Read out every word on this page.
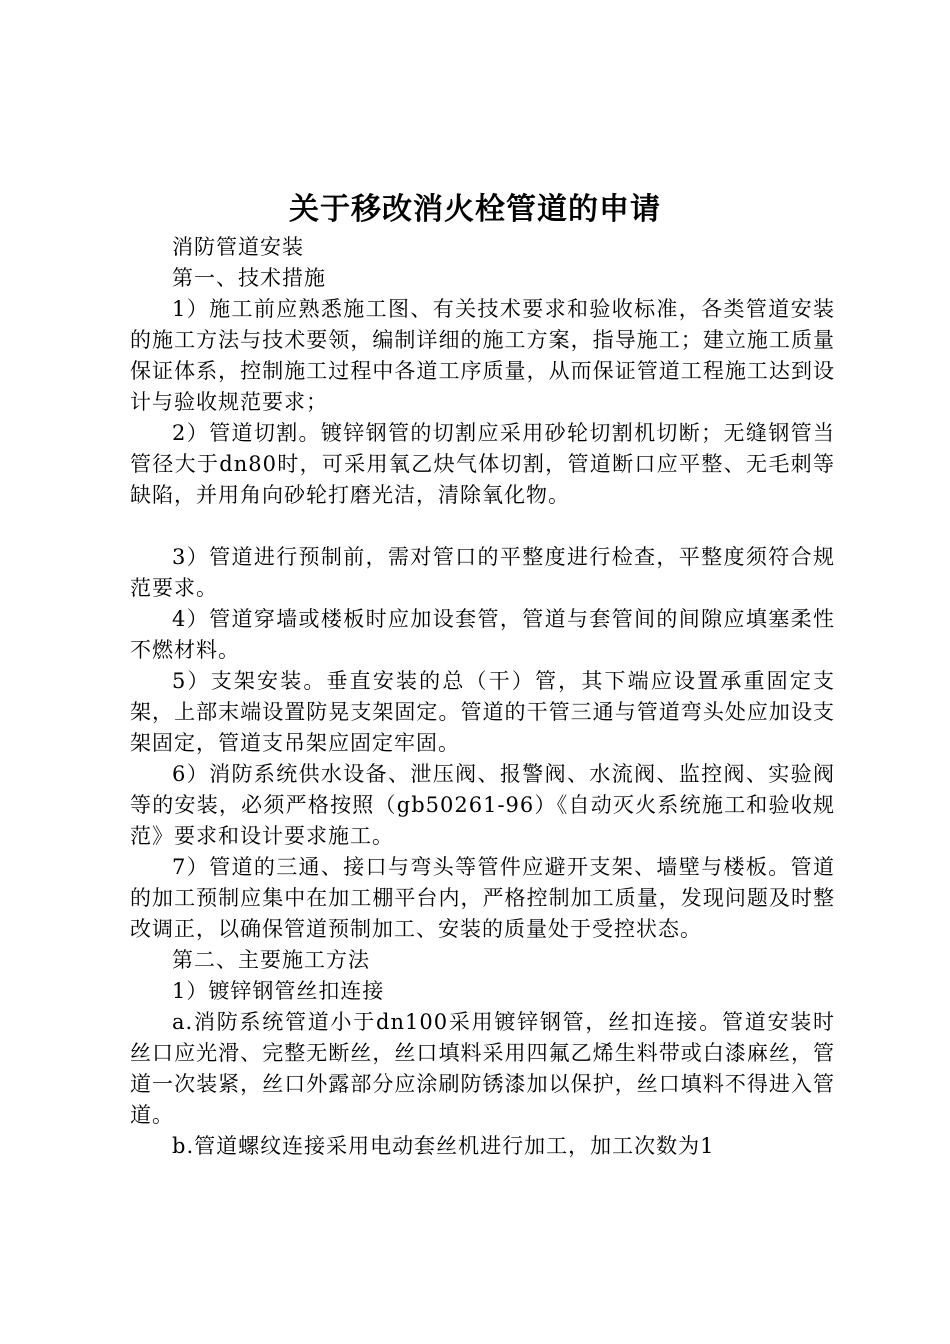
关于移改消火栓管道的申请

消防管道安装

第一、技术措施

1）施工前应熟悉施工图、有关技术要求和验收标准，各类管道安装的施工方法与技术要领，编制详细的施工方案，指导施工；建立施工质量保证体系，控制施工过程中各道工序质量，从而保证管道工程施工达到设计与验收规范要求；

2）管道切割。镀锌钢管的切割应采用砂轮切割机切断；无缝钢管当管径大于dn80时，可采用氧乙炔气体切割，管道断口应平整、无毛刺等缺陷，并用角向砂轮打磨光洁，清除氧化物。

3）管道进行预制前，需对管口的平整度进行检查，平整度须符合规范要求。

4）管道穿墙或楼板时应加设套管，管道与套管间的间隙应填塞柔性不燃材料。

5）支架安装。垂直安装的总（干）管，其下端应设置承重固定支架，上部末端设置防晃支架固定。管道的干管三通与管道弯头处应加设支架固定，管道支吊架应固定牢固。

6）消防系统供水设备、泄压阀、报警阀、水流阀、监控阀、实验阀等的安装，必须严格按照（gb50261-96）《自动灭火系统施工和验收规范》要求和设计要求施工。

7）管道的三通、接口与弯头等管件应避开支架、墙壁与楼板。管道的加工预制应集中在加工棚平台内，严格控制加工质量，发现问题及时整改调正，以确保管道预制加工、安装的质量处于受控状态。

第二、主要施工方法

1）镀锌钢管丝扣连接

a.消防系统管道小于dn100采用镀锌钢管，丝扣连接。管道安装时丝口应光滑、完整无断丝，丝口填料采用四氟乙烯生料带或白漆麻丝，管道一次装紧，丝口外露部分应涂刷防锈漆加以保护，丝口填料不得进入管道。

b.管道螺纹连接采用电动套丝机进行加工，加工次数为1
